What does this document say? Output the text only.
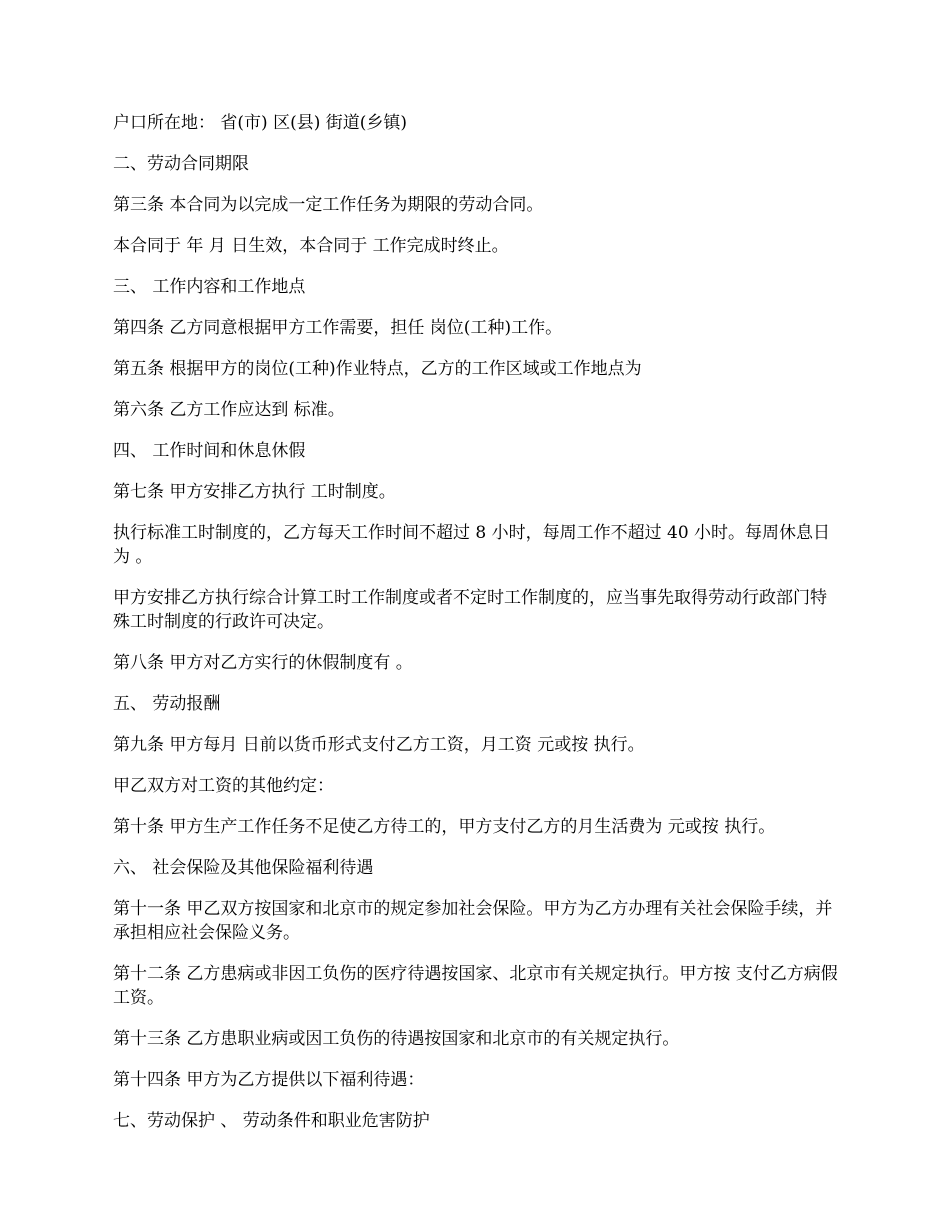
户口所在地： 省(市) 区(县) 街道(乡镇)

二、劳动合同期限

第三条 本合同为以完成一定工作任务为期限的劳动合同。

本合同于 年 月 日生效，本合同于 工作完成时终止。

三、 工作内容和工作地点

第四条 乙方同意根据甲方工作需要，担任 岗位(工种)工作。

第五条 根据甲方的岗位(工种)作业特点，乙方的工作区域或工作地点为

第六条 乙方工作应达到 标准。

四、 工作时间和休息休假

第七条 甲方安排乙方执行 工时制度。

执行标准工时制度的，乙方每天工作时间不超过 8 小时，每周工作不超过 40 小时。每周休息日为 。

甲方安排乙方执行综合计算工时工作制度或者不定时工作制度的，应当事先取得劳动行政部门特殊工时制度的行政许可决定。

第八条 甲方对乙方实行的休假制度有 。

五、 劳动报酬

第九条 甲方每月 日前以货币形式支付乙方工资，月工资 元或按 执行。

甲乙双方对工资的其他约定：

第十条 甲方生产工作任务不足使乙方待工的，甲方支付乙方的月生活费为 元或按 执行。

六、 社会保险及其他保险福利待遇

第十一条 甲乙双方按国家和北京市的规定参加社会保险。甲方为乙方办理有关社会保险手续，并承担相应社会保险义务。

第十二条 乙方患病或非因工负伤的医疗待遇按国家、北京市有关规定执行。甲方按 支付乙方病假工资。

第十三条 乙方患职业病或因工负伤的待遇按国家和北京市的有关规定执行。

第十四条 甲方为乙方提供以下福利待遇：

七、劳动保护 、 劳动条件和职业危害防护
